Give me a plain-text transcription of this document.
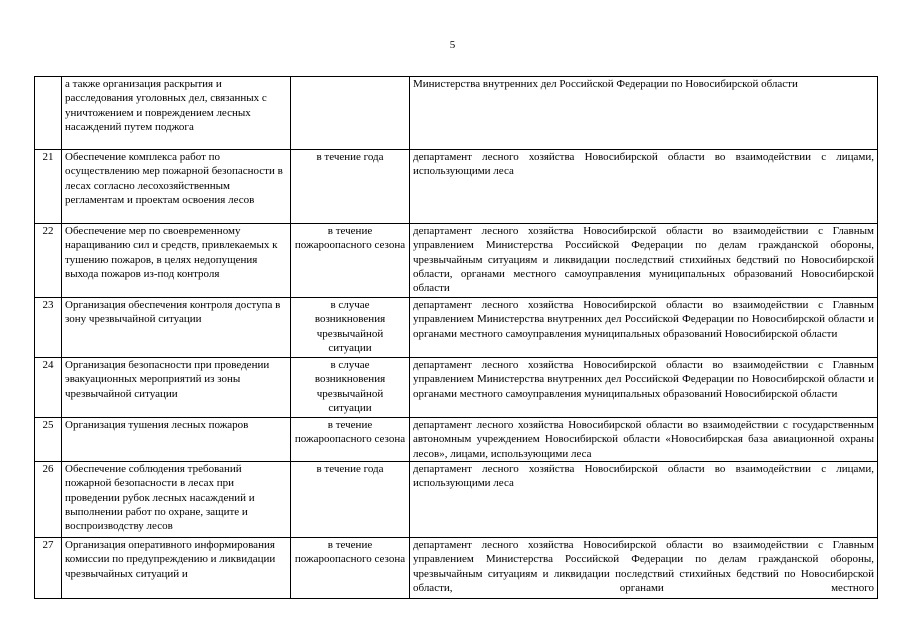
5
	а также организация раскрытия и расследования уголовных дел, связанных с уничтожением и повреждением лесных насаждений путем поджога		Министерства внутренних дел Российской Федерации по Новосибирской области
21	Обеспечение комплекса работ по осуществлению мер пожарной безопасности в лесах согласно лесохозяйственным регламентам и проектам освоения лесов	в течение года	департамент лесного хозяйства Новосибирской области во взаимодействии с лицами, использующими леса
22	Обеспечение мер по своевременному наращиванию сил и средств, привлекаемых к тушению пожаров, в целях недопущения выхода пожаров из-под контроля	в течение пожароопасного сезона	департамент лесного хозяйства Новосибирской области во взаимодействии с Главным управлением Министерства Российской Федерации по делам гражданской обороны, чрезвычайным ситуациям и ликвидации последствий стихийных бедствий по Новосибирской области, органами местного самоуправления муниципальных образований Новосибирской области
23	Организация обеспечения контроля доступа в зону чрезвычайной ситуации	в случае возникновения чрезвычайной ситуации	департамент лесного хозяйства Новосибирской области во взаимодействии с Главным управлением Министерства внутренних дел Российской Федерации по Новосибирской области и органами местного самоуправления муниципальных образований Новосибирской области
24	Организация безопасности при проведении эвакуационных мероприятий из зоны чрезвычайной ситуации	в случае возникновения чрезвычайной ситуации	департамент лесного хозяйства Новосибирской области во взаимодействии с Главным управлением Министерства внутренних дел Российской Федерации по Новосибирской области и органами местного самоуправления муниципальных образований Новосибирской области
25	Организация тушения лесных пожаров	в течение пожароопасного сезона	департамент лесного хозяйства Новосибирской области во взаимодействии с государственным автономным учреждением Новосибирской области «Новосибирская база авиационной охраны лесов», лицами, использующими леса
26	Обеспечение соблюдения требований пожарной безопасности в лесах при проведении рубок лесных насаждений и выполнении работ по охране, защите и воспроизводству лесов	в течение года	департамент лесного хозяйства Новосибирской области во взаимодействии с лицами, использующими леса
27	Организация оперативного информирования комиссии по предупреждению и ликвидации чрезвычайных ситуаций и	в течение пожароопасного сезона	департамент лесного хозяйства Новосибирской области во взаимодействии с Главным управлением Министерства Российской Федерации по делам гражданской обороны, чрезвычайным ситуациям и ликвидации последствий стихийных бедствий по Новосибирской области, органами местного
